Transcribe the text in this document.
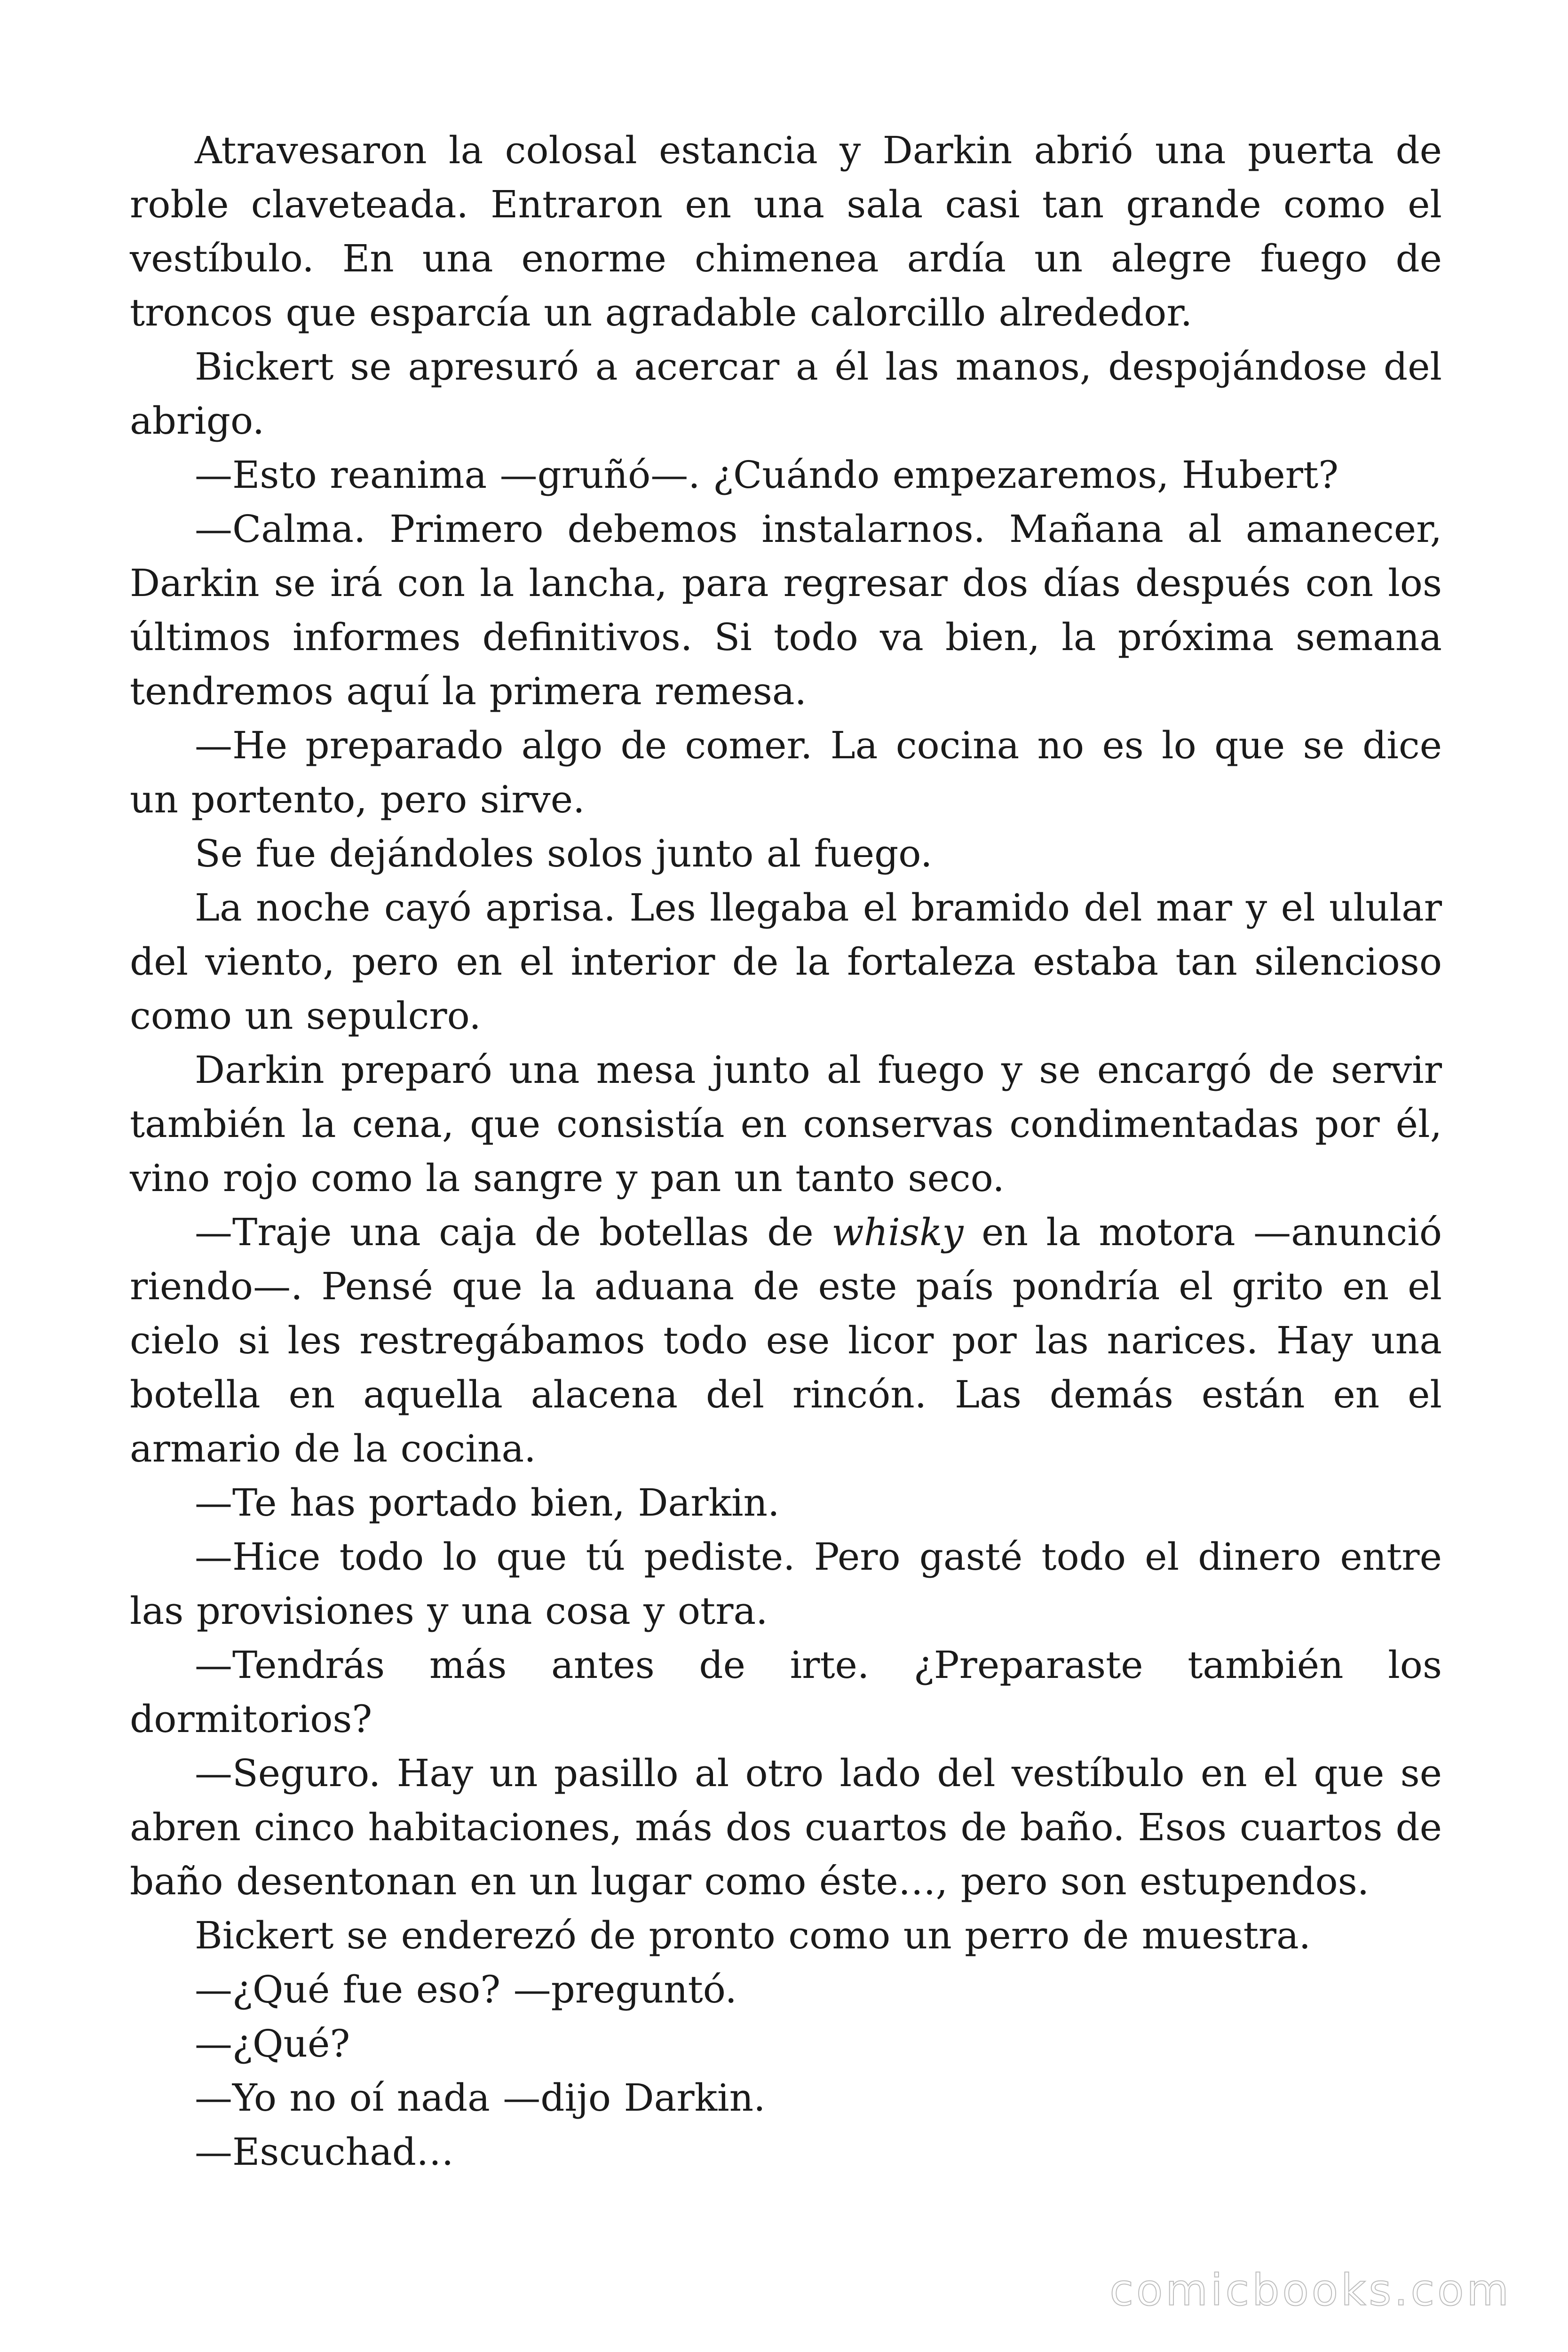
Atravesaron la colosal estancia y Darkin abrió una puerta de roble claveteada. Entraron en una sala casi tan grande como el vestíbulo. En una enorme chimenea ardía un alegre fuego de troncos que esparcía un agradable calorcillo alrededor.

Bickert se apresuró a acercar a él las manos, despojándose del abrigo.

—Esto reanima —gruñó—. ¿Cuándo empezaremos, Hubert?

—Calma. Primero debemos instalarnos. Mañana al amanecer, Darkin se irá con la lancha, para regresar dos días después con los últimos informes definitivos. Si todo va bien, la próxima semana tendremos aquí la primera remesa.

—He preparado algo de comer. La cocina no es lo que se dice un portento, pero sirve.

Se fue dejándoles solos junto al fuego.

La noche cayó aprisa. Les llegaba el bramido del mar y el ulular del viento, pero en el interior de la fortaleza estaba tan silencioso como un sepulcro.

Darkin preparó una mesa junto al fuego y se encargó de servir también la cena, que consistía en conservas condimentadas por él, vino rojo como la sangre y pan un tanto seco.

—Traje una caja de botellas de whisky en la motora —anunció riendo—. Pensé que la aduana de este país pondría el grito en el cielo si les restregábamos todo ese licor por las narices. Hay una botella en aquella alacena del rincón. Las demás están en el armario de la cocina.

—Te has portado bien, Darkin.

—Hice todo lo que tú pediste. Pero gasté todo el dinero entre las provisiones y una cosa y otra.

—Tendrás más antes de irte. ¿Preparaste también los dormitorios?

—Seguro. Hay un pasillo al otro lado del vestíbulo en el que se abren cinco habitaciones, más dos cuartos de baño. Esos cuartos de baño desentonan en un lugar como éste…, pero son estupendos.

Bickert se enderezó de pronto como un perro de muestra.

—¿Qué fue eso? —preguntó.

—¿Qué?

—Yo no oí nada —dijo Darkin.

—Escuchad…

comicbooks.com
